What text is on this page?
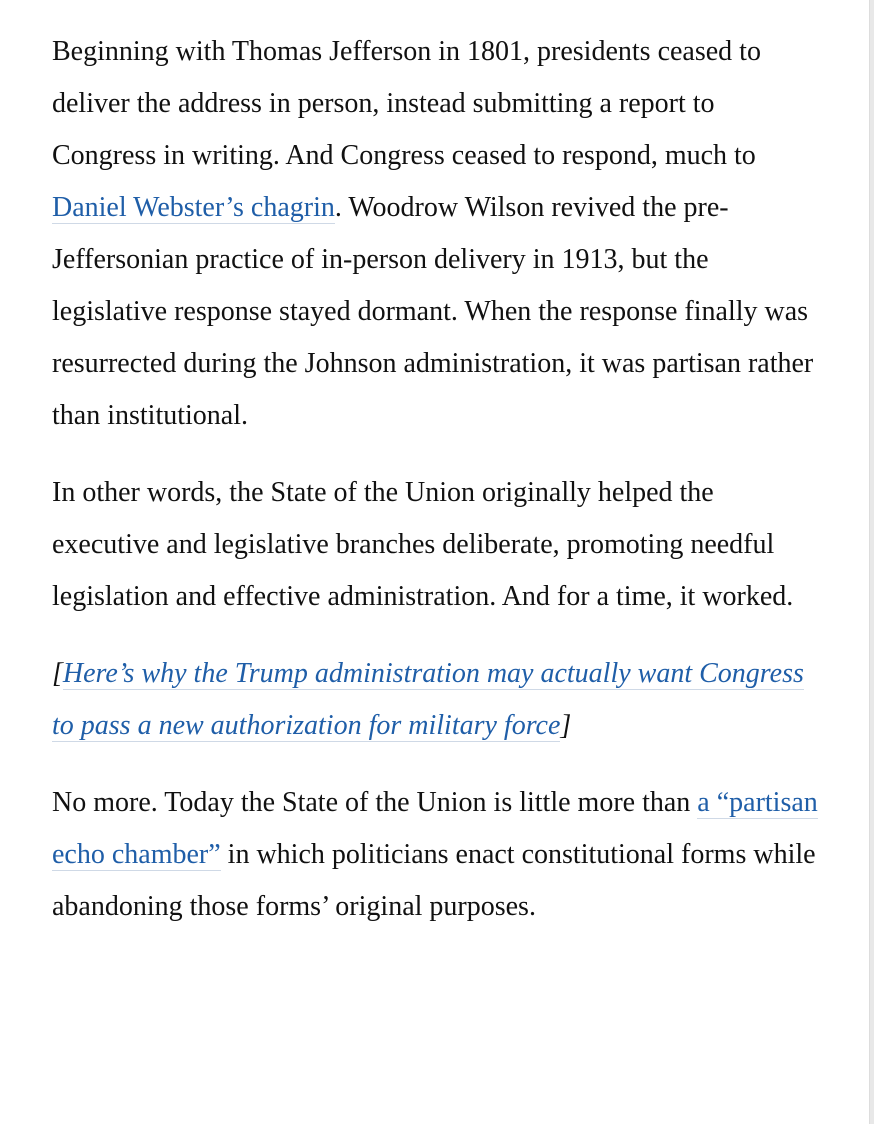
Beginning with Thomas Jefferson in 1801, presidents ceased to deliver the address in person, instead submitting a report to Congress in writing. And Congress ceased to respond, much to Daniel Webster’s chagrin. Woodrow Wilson revived the pre-Jeffersonian practice of in-person delivery in 1913, but the legislative response stayed dormant. When the response finally was resurrected during the Johnson administration, it was partisan rather than institutional.

In other words, the State of the Union originally helped the executive and legislative branches deliberate, promoting needful legislation and effective administration. And for a time, it worked.

[Here’s why the Trump administration may actually want Congress to pass a new authorization for military force]

No more. Today the State of the Union is little more than a “partisan echo chamber” in which politicians enact constitutional forms while abandoning those forms’ original purposes.
